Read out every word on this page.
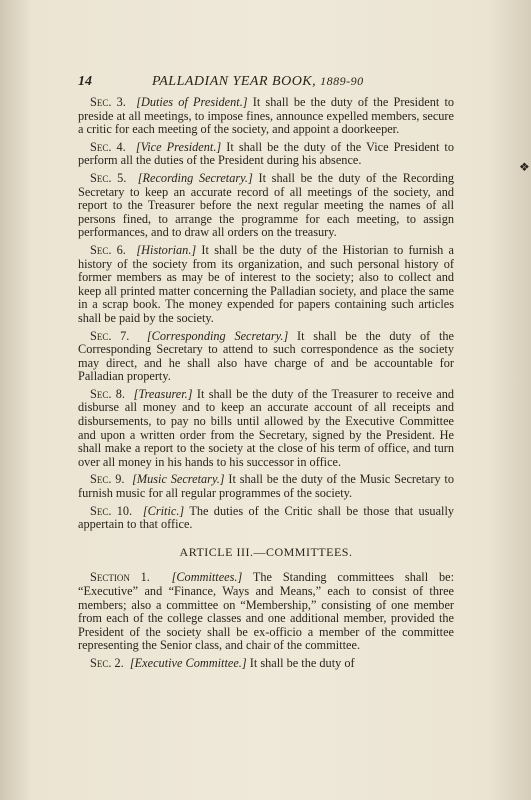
14	PALLADIAN YEAR BOOK, 1889-90

Sec. 3. [Duties of President.] It shall be the duty of the President to preside at all meetings, to impose fines, announce expelled members, secure a critic for each meeting of the society, and appoint a doorkeeper.

Sec. 4. [Vice President.] It shall be the duty of the Vice President to perform all the duties of the President during his absence.

Sec. 5. [Recording Secretary.] It shall be the duty of the Recording Secretary to keep an accurate record of all meetings of the society, and report to the Treasurer before the next regular meeting the names of all persons fined, to arrange the programme for each meeting, to assign performances, and to draw all orders on the treasury.

Sec. 6. [Historian.] It shall be the duty of the Historian to furnish a history of the society from its organization, and such personal history of former members as may be of interest to the society; also to collect and keep all printed matter concerning the Palladian society, and place the same in a scrap book. The money expended for papers containing such articles shall be paid by the society.

Sec. 7. [Corresponding Secretary.] It shall be the duty of the Corresponding Secretary to attend to such correspondence as the society may direct, and he shall also have charge of and be accountable for Palladian property.

Sec. 8. [Treasurer.] It shall be the duty of the Treasurer to receive and disburse all money and to keep an accurate account of all receipts and disbursements, to pay no bills until allowed by the Executive Committee and upon a written order from the Secretary, signed by the President. He shall make a report to the society at the close of his term of office, and turn over all money in his hands to his successor in office.

Sec. 9. [Music Secretary.] It shall be the duty of the Music Secretary to furnish music for all regular programmes of the society.

Sec. 10. [Critic.] The duties of the Critic shall be those that usually appertain to that office.

ARTICLE III.—COMMITTEES.

Section 1. [Committees.] The Standing committees shall be: “Executive” and “Finance, Ways and Means,” each to consist of three members; also a committee on “Membership,” consisting of one member from each of the college classes and one additional member, provided the President of the society shall be ex-officio a member of the committee representing the Senior class, and chair of the committee.

Sec. 2. [Executive Committee.] It shall be the duty of

❖
